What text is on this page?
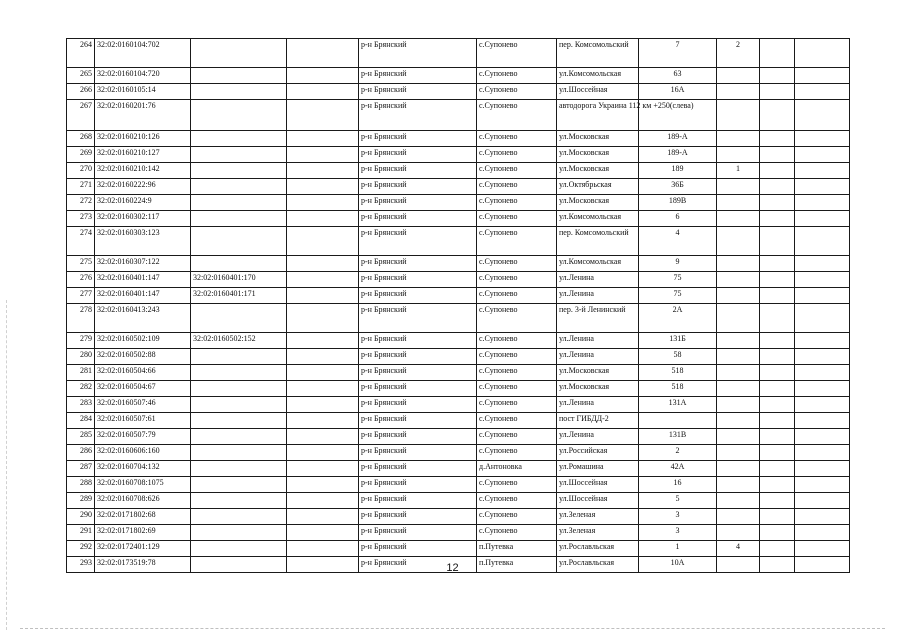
264	32:02:0160104:702			р-н Брянский	с.Супонево	пер. Комсомольский	7	2		
265	32:02:0160104:720			р-н Брянский	с.Супонево	ул.Комсомольская	63			
266	32:02:0160105:14			р-н Брянский	с.Супонево	ул.Шоссейная	16А			
267	32:02:0160201:76			р-н Брянский	с.Супонево	автодорога Украина 112 км +250(слева)				
268	32:02:0160210:126			р-н Брянский	с.Супонево	ул.Московская	189-А			
269	32:02:0160210:127			р-н Брянский	с.Супонево	ул.Московская	189-А			
270	32:02:0160210:142			р-н Брянский	с.Супонево	ул.Московская	189	1		
271	32:02:0160222:96			р-н Брянский	с.Супонево	ул.Октябрьская	36Б			
272	32:02:0160224:9			р-н Брянский	с.Супонево	ул.Московская	189В			
273	32:02:0160302:117			р-н Брянский	с.Супонево	ул.Комсомольская	6			
274	32:02:0160303:123			р-н Брянский	с.Супонево	пер. Комсомольский	4			
275	32:02:0160307:122			р-н Брянский	с.Супонево	ул.Комсомольская	9			
276	32:02:0160401:147	32:02:0160401:170		р-н Брянский	с.Супонево	ул.Ленина	75			
277	32:02:0160401:147	32:02:0160401:171		р-н Брянский	с.Супонево	ул.Ленина	75			
278	32:02:0160413:243			р-н Брянский	с.Супонево	пер. 3-й Ленинский	2А			
279	32:02:0160502:109	32:02:0160502:152		р-н Брянский	с.Супонево	ул.Ленина	131Б			
280	32:02:0160502:88			р-н Брянский	с.Супонево	ул.Ленина	58			
281	32:02:0160504:66			р-н Брянский	с.Супонево	ул.Московская	518			
282	32:02:0160504:67			р-н Брянский	с.Супонево	ул.Московская	518			
283	32:02:0160507:46			р-н Брянский	с.Супонево	ул.Ленина	131А			
284	32:02:0160507:61			р-н Брянский	с.Супонево	пост ГИБДД-2				
285	32:02:0160507:79			р-н Брянский	с.Супонево	ул.Ленина	131В			
286	32:02:0160606:160			р-н Брянский	с.Супонево	ул.Российская	2			
287	32:02:0160704:132			р-н Брянский	д.Антоновка	ул.Ромашина	42А			
288	32:02:0160708:1075			р-н Брянский	с.Супонево	ул.Шоссейная	16			
289	32:02:0160708:626			р-н Брянский	с.Супонево	ул.Шоссейная	5			
290	32:02:0171802:68			р-н Брянский	с.Супонево	ул.Зеленая	3			
291	32:02:0171802:69			р-н Брянский	с.Супонево	ул.Зеленая	3			
292	32:02:0172401:129			р-н Брянский	п.Путевка	ул.Рославльская	1	4		
293	32:02:0173519:78			р-н Брянский	п.Путевка	ул.Рославльская	10А			
12
